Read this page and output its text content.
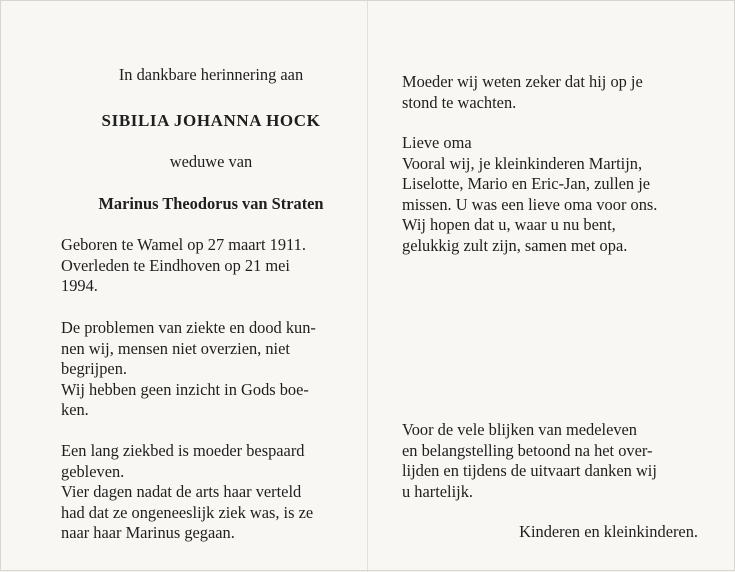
In dankbare herinnering aan

SIBILIA JOHANNA HOCK

weduwe van

Marinus Theodorus van Straten

Geboren te Wamel op 27 maart 1911.
Overleden te Eindhoven op 21 mei
1994.
De problemen van ziekte en dood kun-
nen wij, mensen niet overzien, niet
begrijpen.
Wij hebben geen inzicht in Gods boe-
ken.
Een lang ziekbed is moeder bespaard
gebleven.
Vier dagen nadat de arts haar verteld
had dat ze ongeneeslijk ziek was, is ze
naar haar Marinus gegaan.
Moeder wij weten zeker dat hij op je
stond te wachten.
Lieve oma
Vooral wij, je kleinkinderen Martijn,
Liselotte, Mario en Eric-Jan, zullen je
missen. U was een lieve oma voor ons.
Wij hopen dat u, waar u nu bent,
gelukkig zult zijn, samen met opa.
Voor de vele blijken van medeleven
en belangstelling betoond na het over-
lijden en tijdens de uitvaart danken wij
u hartelijk.

Kinderen en kleinkinderen.
